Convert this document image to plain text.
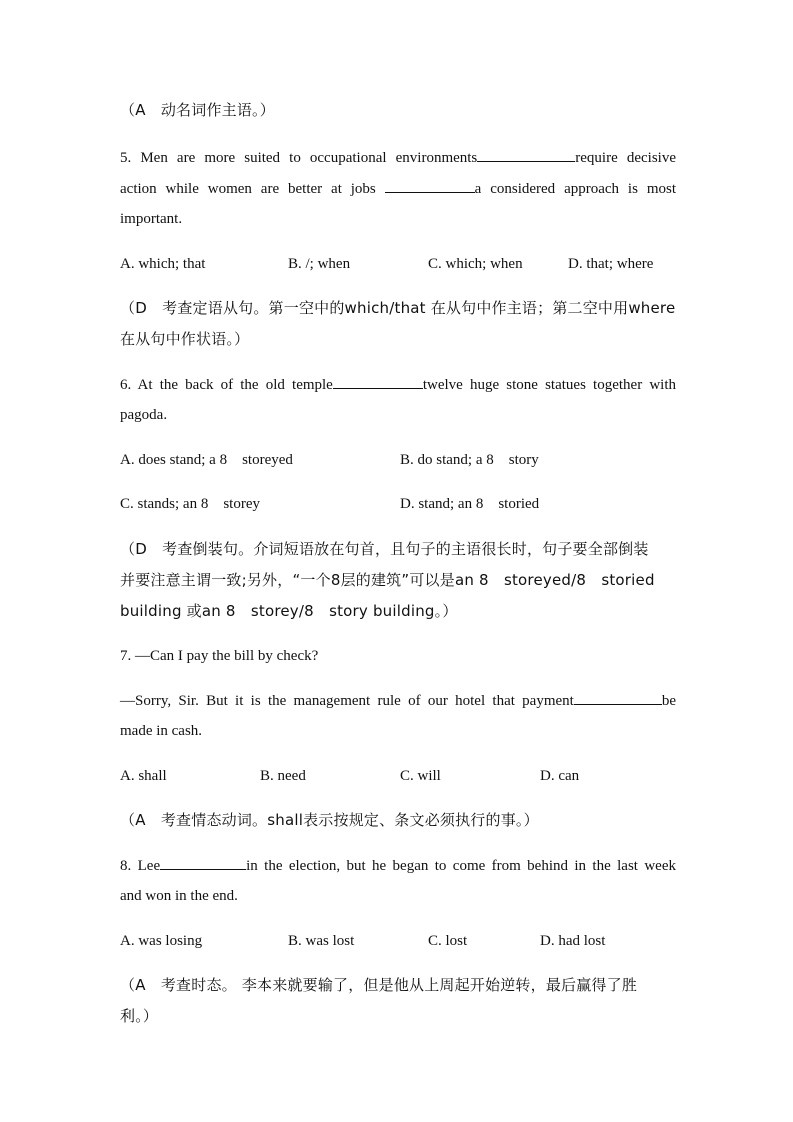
（A　动名词作主语。）
5. Men are more suited to occupational environments	require decisive
action while women are better at jobs	a considered approach is most
important.
A. which; that	B. /; when	C. which; when	D. that; where
（D　考查定语从句。第一空中的which/that 在从句中作主语；第二空中用where
在从句中作状语。）
6. At the back of the old temple	twelve huge stone statues together with
pagoda.
A. does stand; a 8　storeyed	B. do stand; a 8　story
C. stands; an 8　storey	D. stand; an 8　storied
（D　考查倒装句。介词短语放在句首，且句子的主语很长时，句子要全部倒装
并要注意主谓一致;另外，“一个8层的建筑”可以是an 8　storeyed/8　storied
building 或an 8　storey/8　story building。）
7. —Can I pay the bill by check?
—Sorry, Sir. But it is the management rule of our hotel that payment	be
made in cash.
A. shall	B. need	C. will	D. can
（A　考查情态动词。shall表示按规定、条文必须执行的事。）
8. Lee	in the election, but he began to come from behind in the last week
and won in the end.
A. was losing	B. was lost	C. lost	D. had lost
（A　考查时态。 李本来就要输了，但是他从上周起开始逆转，最后赢得了胜
利。）
